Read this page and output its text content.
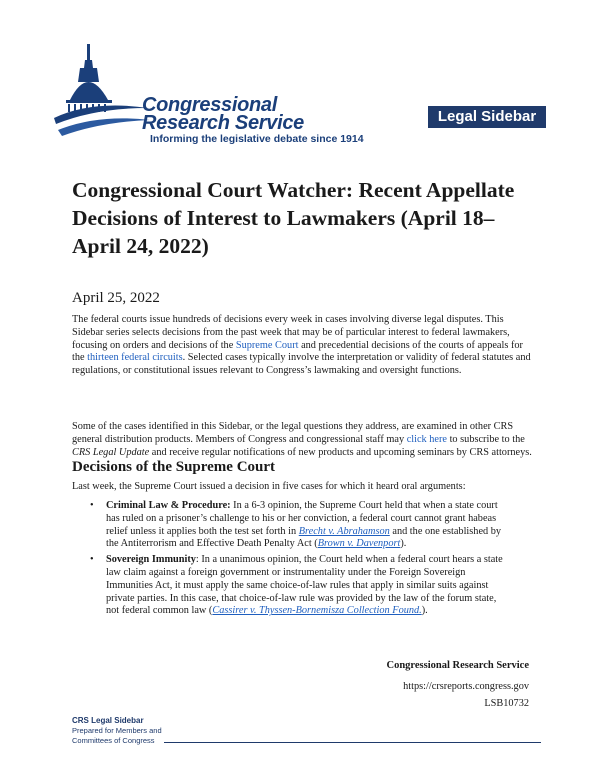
Congressional
Research Service
Informing the legislative debate since 1914
Legal Sidebar
Congressional Court Watcher: Recent Appellate Decisions of Interest to Lawmakers (April 18–April 24, 2022)
April 25, 2022

The federal courts issue hundreds of decisions every week in cases involving diverse legal disputes. This Sidebar series selects decisions from the past week that may be of particular interest to federal lawmakers, focusing on orders and decisions of the Supreme Court and precedential decisions of the courts of appeals for the thirteen federal circuits. Selected cases typically involve the interpretation or validity of federal statutes and regulations, or constitutional issues relevant to Congress’s lawmaking and oversight functions.

Some of the cases identified in this Sidebar, or the legal questions they address, are examined in other CRS general distribution products. Members of Congress and congressional staff may click here to subscribe to the CRS Legal Update and receive regular notifications of new products and upcoming seminars by CRS attorneys.

Decisions of the Supreme Court

Last week, the Supreme Court issued a decision in five cases for which it heard oral arguments:

• Criminal Law & Procedure: In a 6-3 opinion, the Supreme Court held that when a state court has ruled on a prisoner’s challenge to his or her conviction, a federal court cannot grant habeas relief unless it applies both the test set forth in Brecht v. Abrahamson and the one established by the Antiterrorism and Effective Death Penalty Act (Brown v. Davenport).
• Sovereign Immunity: In a unanimous opinion, the Court held when a federal court hears a state law claim against a foreign government or instrumentality under the Foreign Sovereign Immunities Act, it must apply the same choice-of-law rules that apply in similar suits against private parties. In this case, that choice-of-law rule was provided by the law of the forum state, not federal common law (Cassirer v. Thyssen-Bornemisza Collection Found.).
Congressional Research Service
https://crsreports.congress.gov
LSB10732
CRS Legal Sidebar
Prepared for Members and
Committees of Congress
